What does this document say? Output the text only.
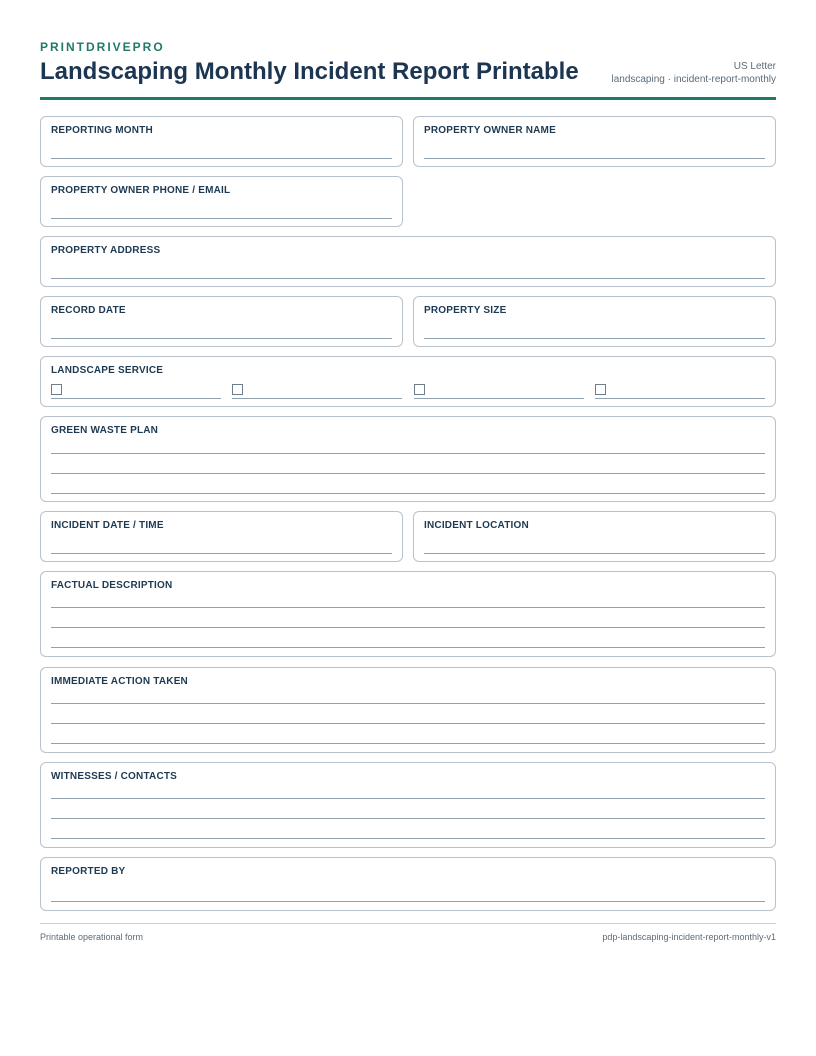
PRINTDRIVEPRO
Landscaping Monthly Incident Report Printable	US Letter
landscaping · incident-report-monthly
REPORTING MONTH	PROPERTY OWNER NAME
PROPERTY OWNER PHONE / EMAIL
PROPERTY ADDRESS
RECORD DATE	PROPERTY SIZE
LANDSCAPE SERVICE
GREEN WASTE PLAN
INCIDENT DATE / TIME	INCIDENT LOCATION
FACTUAL DESCRIPTION
IMMEDIATE ACTION TAKEN
WITNESSES / CONTACTS
REPORTED BY
Printable operational form	pdp-landscaping-incident-report-monthly-v1
